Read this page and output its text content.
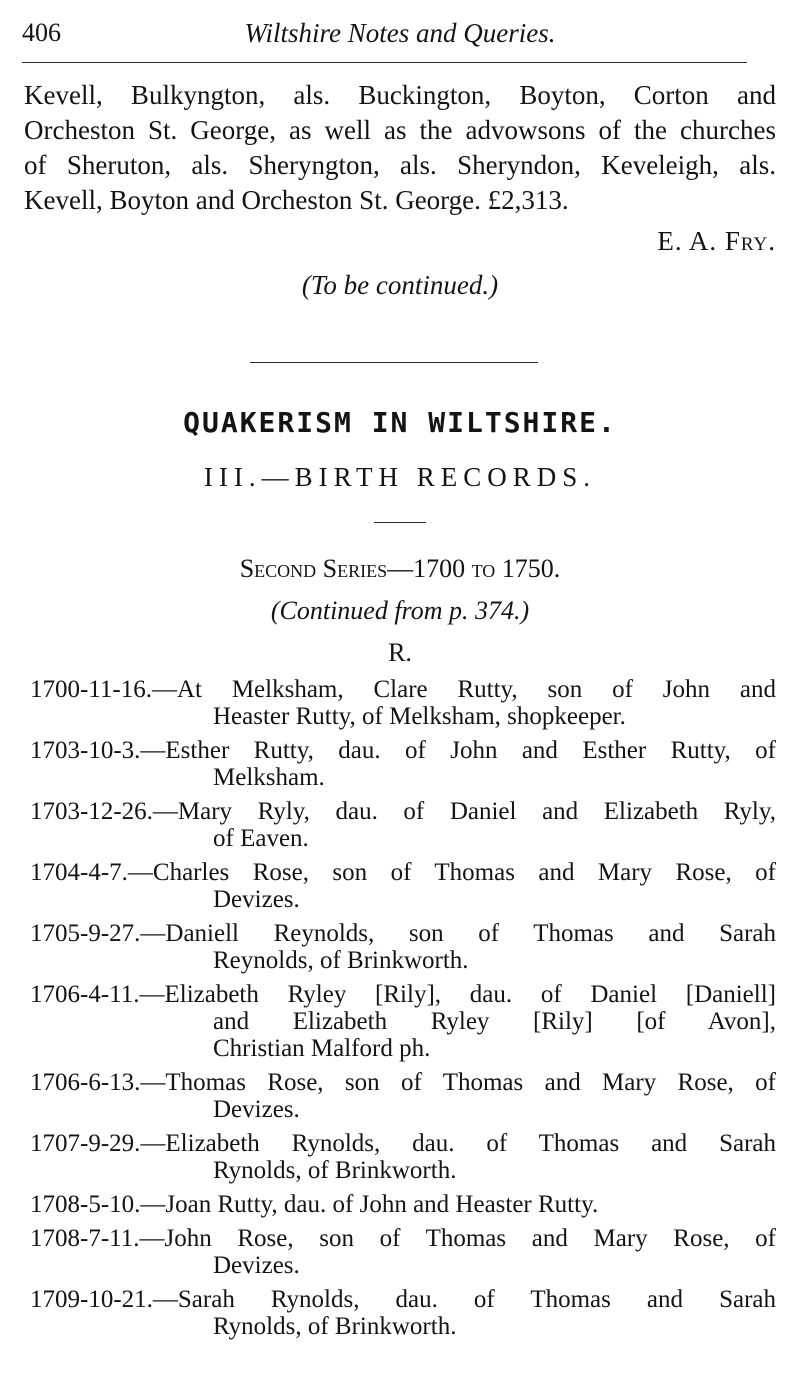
406	Wiltshire Notes and Queries.
Kevell, Bulkyngton, als. Buckington, Boyton, Corton and
Orcheston St. George, as well as the advowsons of the churches
of Sheruton, als. Sheryngton, als. Sheryndon, Keveleigh, als.
Kevell, Boyton and Orcheston St. George. £2,313.
E. A. Fry.
(To be continued.)
QUAKERISM IN WILTSHIRE.
III.—BIRTH RECORDS.
Second Series—1700 to 1750.
(Continued from p. 374.)
R.
1700-11-16.—At Melksham, Clare Rutty, son of John and
Heaster Rutty, of Melksham, shopkeeper.
1703-10-3.—Esther Rutty, dau. of John and Esther Rutty, of
Melksham.
1703-12-26.—Mary Ryly, dau. of Daniel and Elizabeth Ryly,
of Eaven.
1704-4-7.—Charles Rose, son of Thomas and Mary Rose, of
Devizes.
1705-9-27.—Daniell Reynolds, son of Thomas and Sarah
Reynolds, of Brinkworth.
1706-4-11.—Elizabeth Ryley [Rily], dau. of Daniel [Daniell]
and Elizabeth Ryley [Rily] [of Avon],
Christian Malford ph.
1706-6-13.—Thomas Rose, son of Thomas and Mary Rose, of
Devizes.
1707-9-29.—Elizabeth Rynolds, dau. of Thomas and Sarah
Rynolds, of Brinkworth.
1708-5-10.—Joan Rutty, dau. of John and Heaster Rutty.
1708-7-11.—John Rose, son of Thomas and Mary Rose, of
Devizes.
1709-10-21.—Sarah Rynolds, dau. of Thomas and Sarah
Rynolds, of Brinkworth.
